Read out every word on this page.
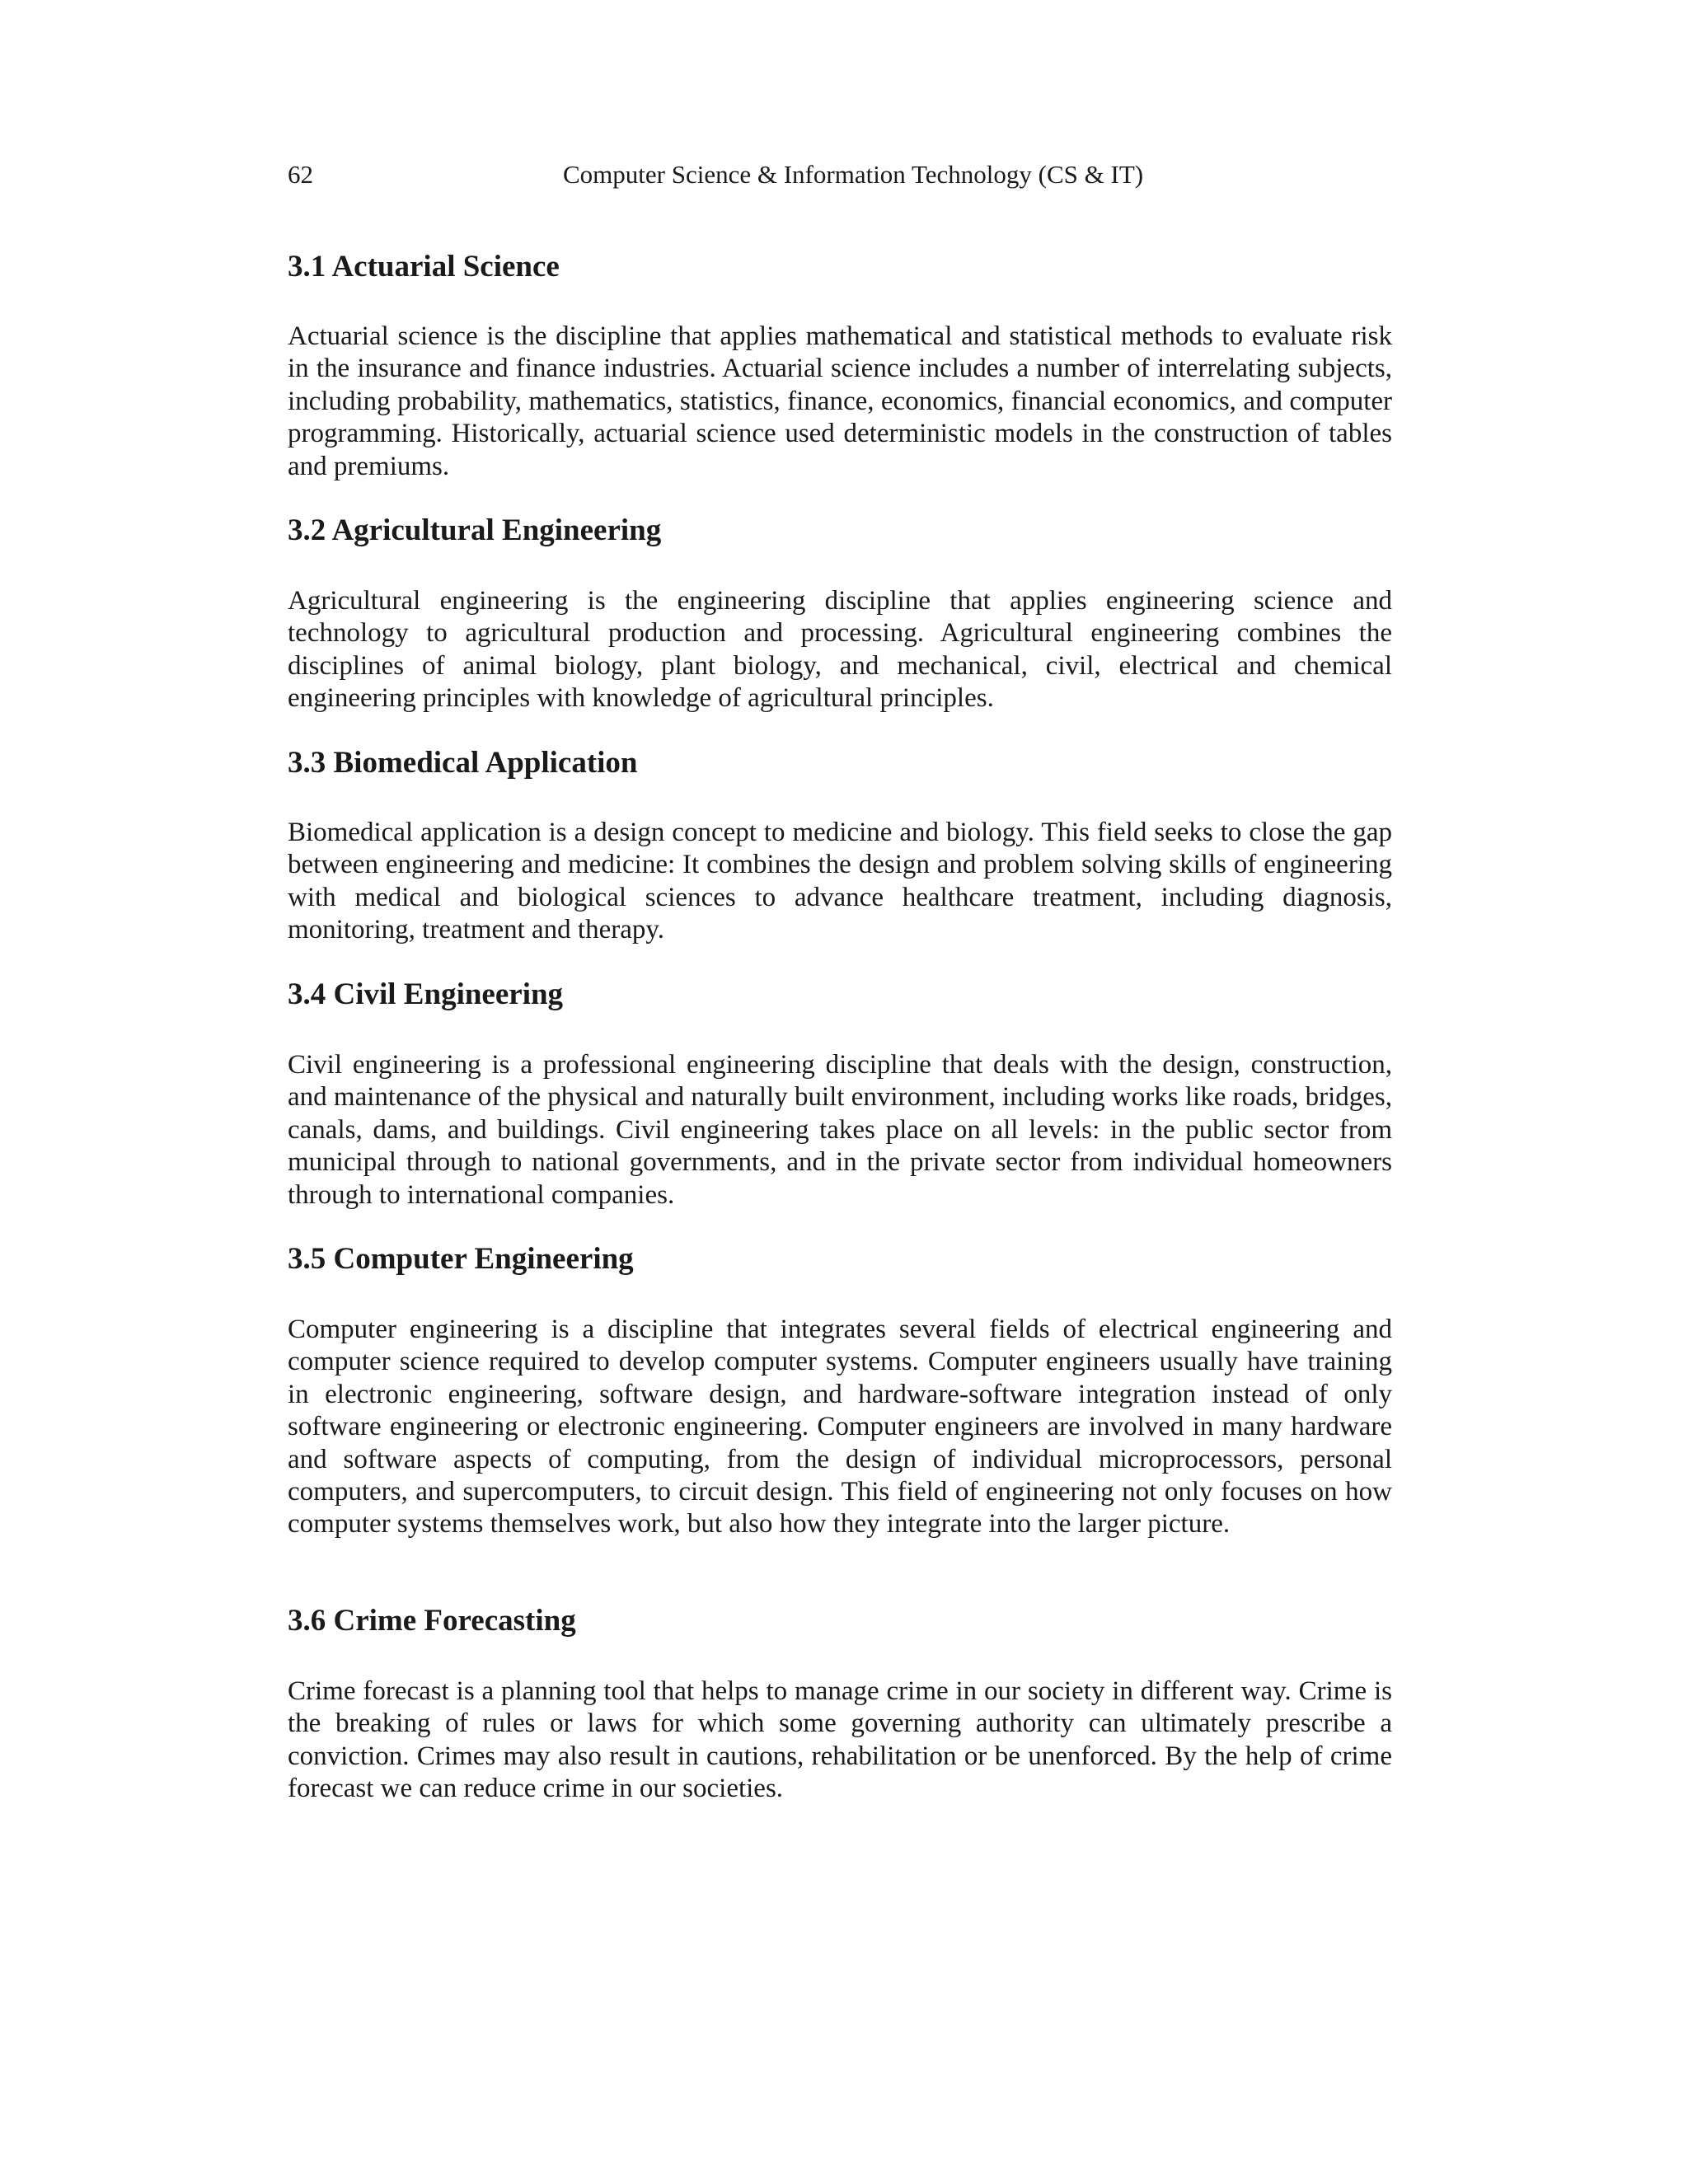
62	Computer Science & Information Technology (CS & IT)
3.1 Actuarial Science

Actuarial science is the discipline that applies mathematical and statistical methods to evaluate risk in the insurance and finance industries. Actuarial science includes a number of interrelating subjects, including probability, mathematics, statistics, finance, economics, financial economics, and computer programming. Historically, actuarial science used deterministic models in the construction of tables and premiums.

3.2 Agricultural Engineering

Agricultural engineering is the engineering discipline that applies engineering science and technology to agricultural production and processing. Agricultural engineering combines the disciplines of animal biology, plant biology, and mechanical, civil, electrical and chemical engineering principles with knowledge of agricultural principles.

3.3 Biomedical Application

Biomedical application is a design concept to medicine and biology. This field seeks to close the gap between engineering and medicine: It combines the design and problem solving skills of engineering with medical and biological sciences to advance healthcare treatment, including diagnosis, monitoring, treatment and therapy.

3.4 Civil Engineering

Civil engineering is a professional engineering discipline that deals with the design, construction, and maintenance of the physical and naturally built environment, including works like roads, bridges, canals, dams, and buildings. Civil engineering takes place on all levels: in the public sector from municipal through to national governments, and in the private sector from individual homeowners through to international companies.

3.5 Computer Engineering

Computer engineering is a discipline that integrates several fields of electrical engineering and computer science required to develop computer systems. Computer engineers usually have training in electronic engineering, software design, and hardware-software integration instead of only software engineering or electronic engineering. Computer engineers are involved in many hardware and software aspects of computing, from the design of individual microprocessors, personal computers, and supercomputers, to circuit design. This field of engineering not only focuses on how computer systems themselves work, but also how they integrate into the larger picture.

3.6 Crime Forecasting

Crime forecast is a planning tool that helps to manage crime in our society in different way. Crime is the breaking of rules or laws for which some governing authority can ultimately prescribe a conviction. Crimes may also result in cautions, rehabilitation or be unenforced. By the help of crime forecast we can reduce crime in our societies.
